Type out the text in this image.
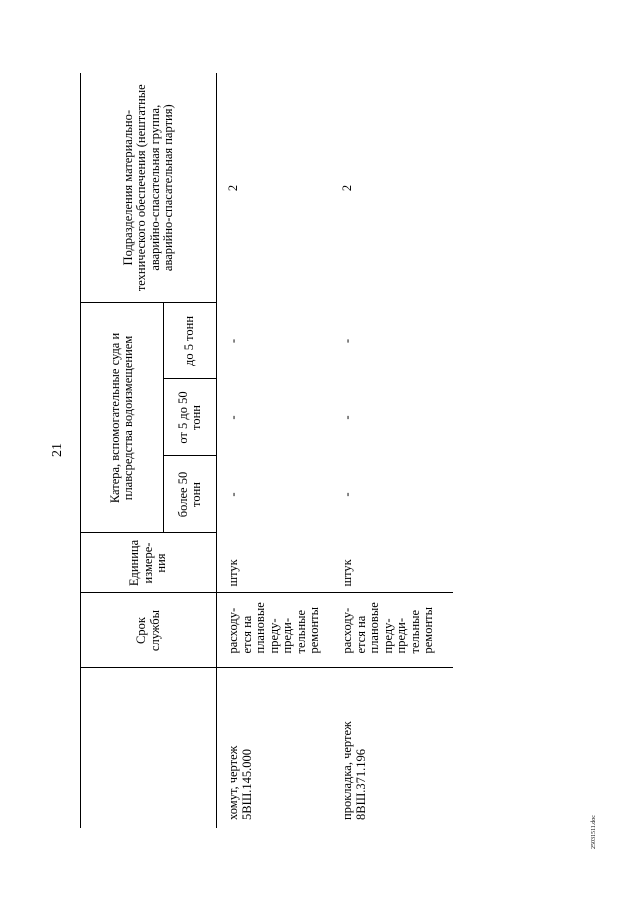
21
	Срок службы	Единица измере-ния	Катера, вспомогательные суда и плавсредства водоизмещением			Подразделения материально-технического обеспечения (нештатные аварийно-спасательная группа, аварийно-спасательная партия)
			более 50 тонн	от 5 до 50 тонн	до 5 тонн	
хомут, чертеж 5ВШ.145.000	расходу-ется на плановые преду-преди-тельные ремонты	штук	-	-	-	2
прокладка, чертеж 8ВШ.371.196	расходу-ется на плановые преду-преди-тельные ремонты	штук	-	-	-	2
25031511.doc
